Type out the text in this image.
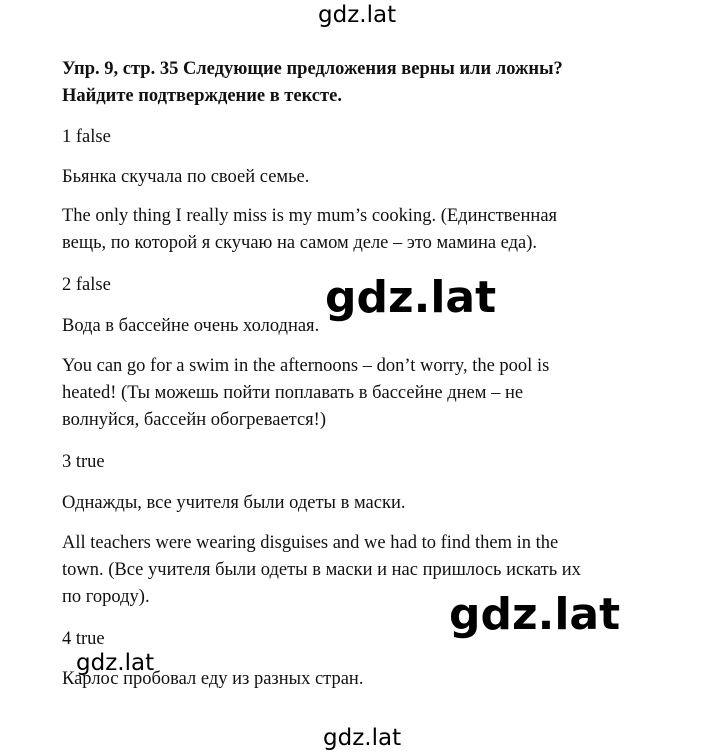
gdz.lat

Упр. 9, стр. 35 Следующие предложения верны или ложны?

Найдите подтверждение в тексте.

1 false
Бьянка скучала по своей семье.
The only thing I really miss is my mum’s cooking. (Единственная
вещь, по которой я скучаю на самом деле – это мамина еда).
2 false
Вода в бассейне очень холодная.
You can go for a swim in the afternoons – don’t worry, the pool is
heated! (Ты можешь пойти поплавать в бассейне днем – не
волнуйся, бассейн обогревается!)
3 true
Однажды, все учителя были одеты в маски.
All teachers were wearing disguises and we had to find them in the
town. (Все учителя были одеты в маски и нас пришлось искать их
по городу).
4 true
Карлос пробовал еду из разных стран.
gdz.lat
gdz.lat
gdz.lat
gdz.lat
